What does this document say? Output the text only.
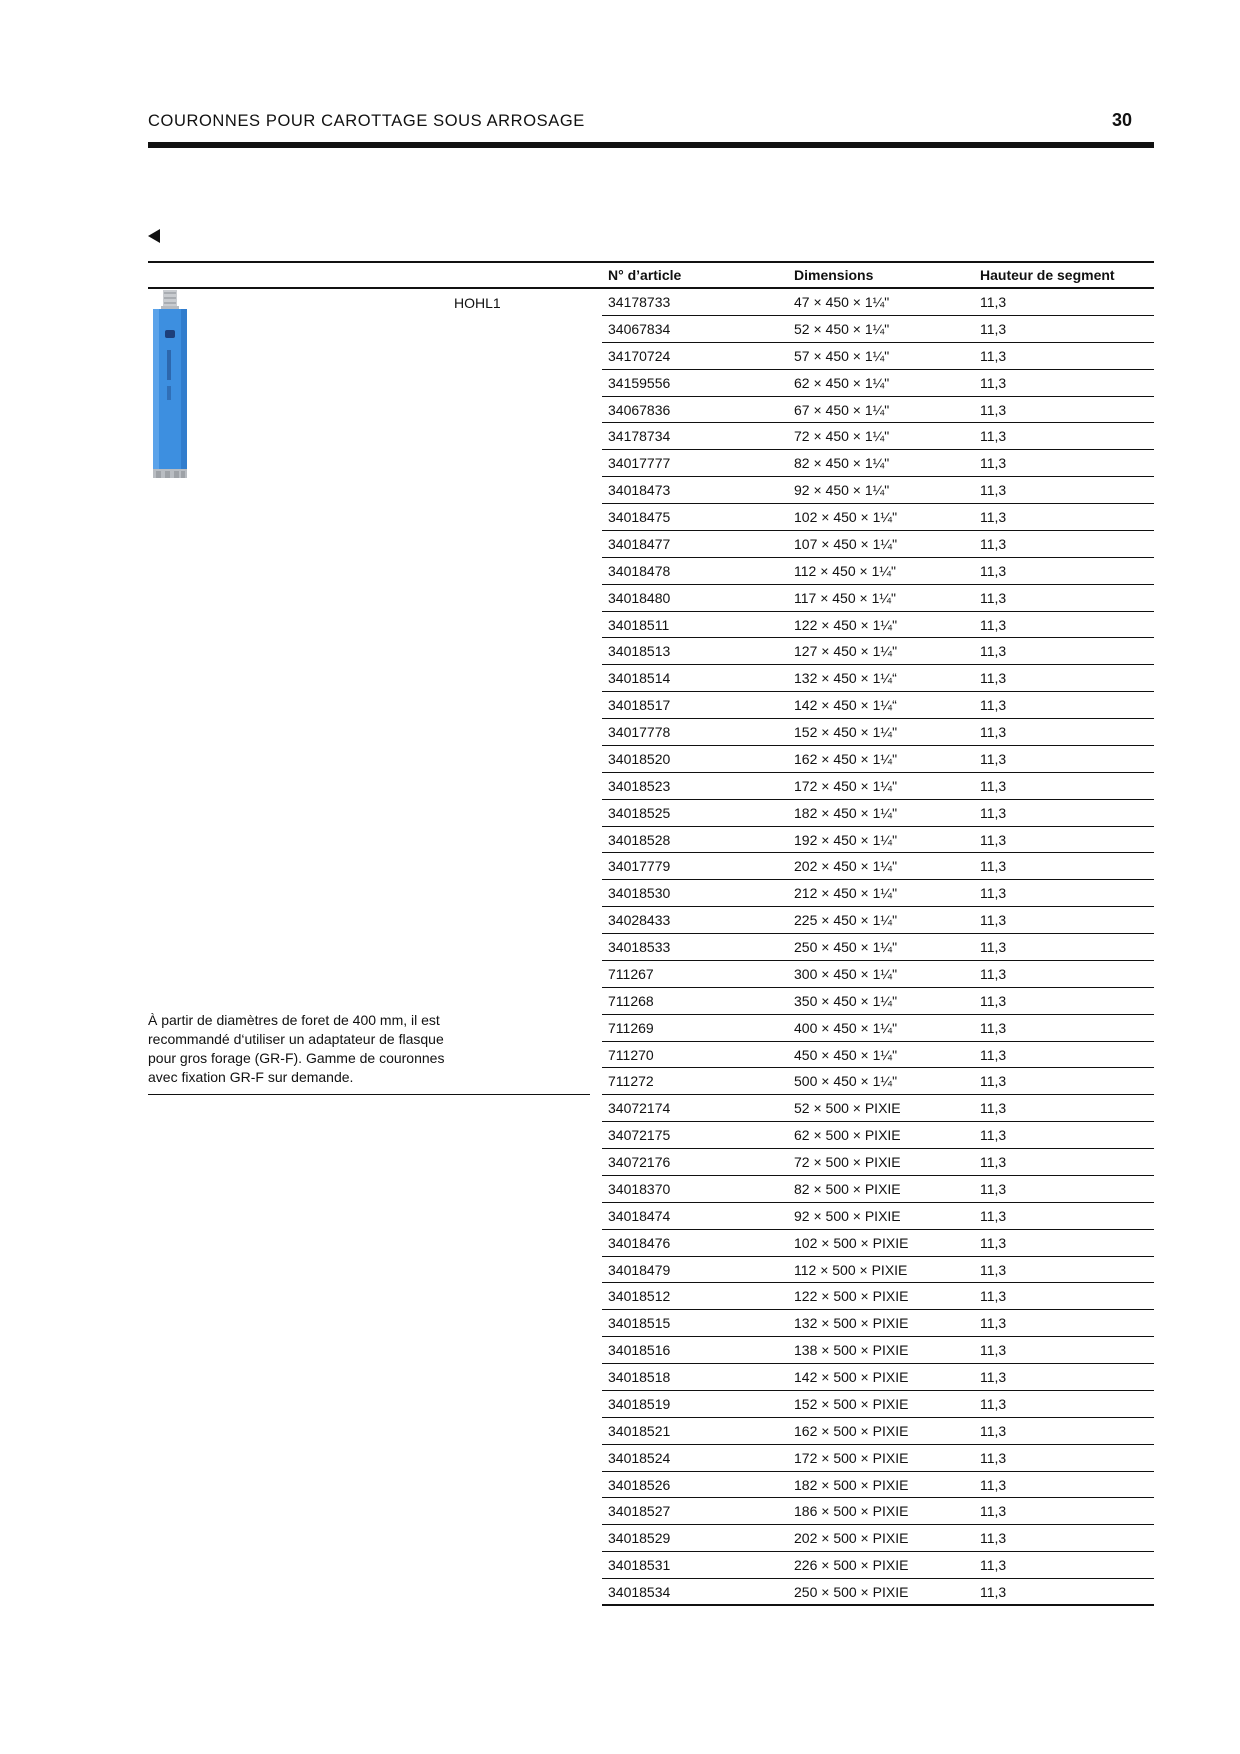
COURONNES POUR CAROTTAGE SOUS ARROSAGE	30
N° d’article	Dimensions	Hauteur de segment
HOHL1
À partir de diamètres de foret de 400 mm, il est recommandé d‘utiliser un adaptateur de flasque pour gros forage (GR-F). Gamme de couronnes avec fixation GR-F sur demande.
34178733	47 × 450 × 1¼"	11,3
34067834	52 × 450 × 1¼"	11,3
34170724	57 × 450 × 1¼"	11,3
34159556	62 × 450 × 1¼"	11,3
34067836	67 × 450 × 1¼"	11,3
34178734	72 × 450 × 1¼"	11,3
34017777	82 × 450 × 1¼"	11,3
34018473	92 × 450 × 1¼"	11,3
34018475	102 × 450 × 1¼"	11,3
34018477	107 × 450 × 1¼"	11,3
34018478	112 × 450 × 1¼"	11,3
34018480	117 × 450 × 1¼"	11,3
34018511	122 × 450 × 1¼"	11,3
34018513	127 × 450 × 1¼"	11,3
34018514	132 × 450 × 1¼“	11,3
34018517	142 × 450 × 1¼“	11,3
34017778	152 × 450 × 1¼"	11,3
34018520	162 × 450 × 1¼"	11,3
34018523	172 × 450 × 1¼"	11,3
34018525	182 × 450 × 1¼"	11,3
34018528	192 × 450 × 1¼"	11,3
34017779	202 × 450 × 1¼"	11,3
34018530	212 × 450 × 1¼"	11,3
34028433	225 × 450 × 1¼"	11,3
34018533	250 × 450 × 1¼"	11,3
711267	300 × 450 × 1¼"	11,3
711268	350 × 450 × 1¼"	11,3
711269	400 × 450 × 1¼"	11,3
711270	450 × 450 × 1¼"	11,3
711272	500 × 450 × 1¼"	11,3
34072174	52 × 500 × PIXIE	11,3
34072175	62 × 500 × PIXIE	11,3
34072176	72 × 500 × PIXIE	11,3
34018370	82 × 500 × PIXIE	11,3
34018474	92 × 500 × PIXIE	11,3
34018476	102 × 500 × PIXIE	11,3
34018479	112 × 500 × PIXIE	11,3
34018512	122 × 500 × PIXIE	11,3
34018515	132 × 500 × PIXIE	11,3
34018516	138 × 500 × PIXIE	11,3
34018518	142 × 500 × PIXIE	11,3
34018519	152 × 500 × PIXIE	11,3
34018521	162 × 500 × PIXIE	11,3
34018524	172 × 500 × PIXIE	11,3
34018526	182 × 500 × PIXIE	11,3
34018527	186 × 500 × PIXIE	11,3
34018529	202 × 500 × PIXIE	11,3
34018531	226 × 500 × PIXIE	11,3
34018534	250 × 500 × PIXIE	11,3
